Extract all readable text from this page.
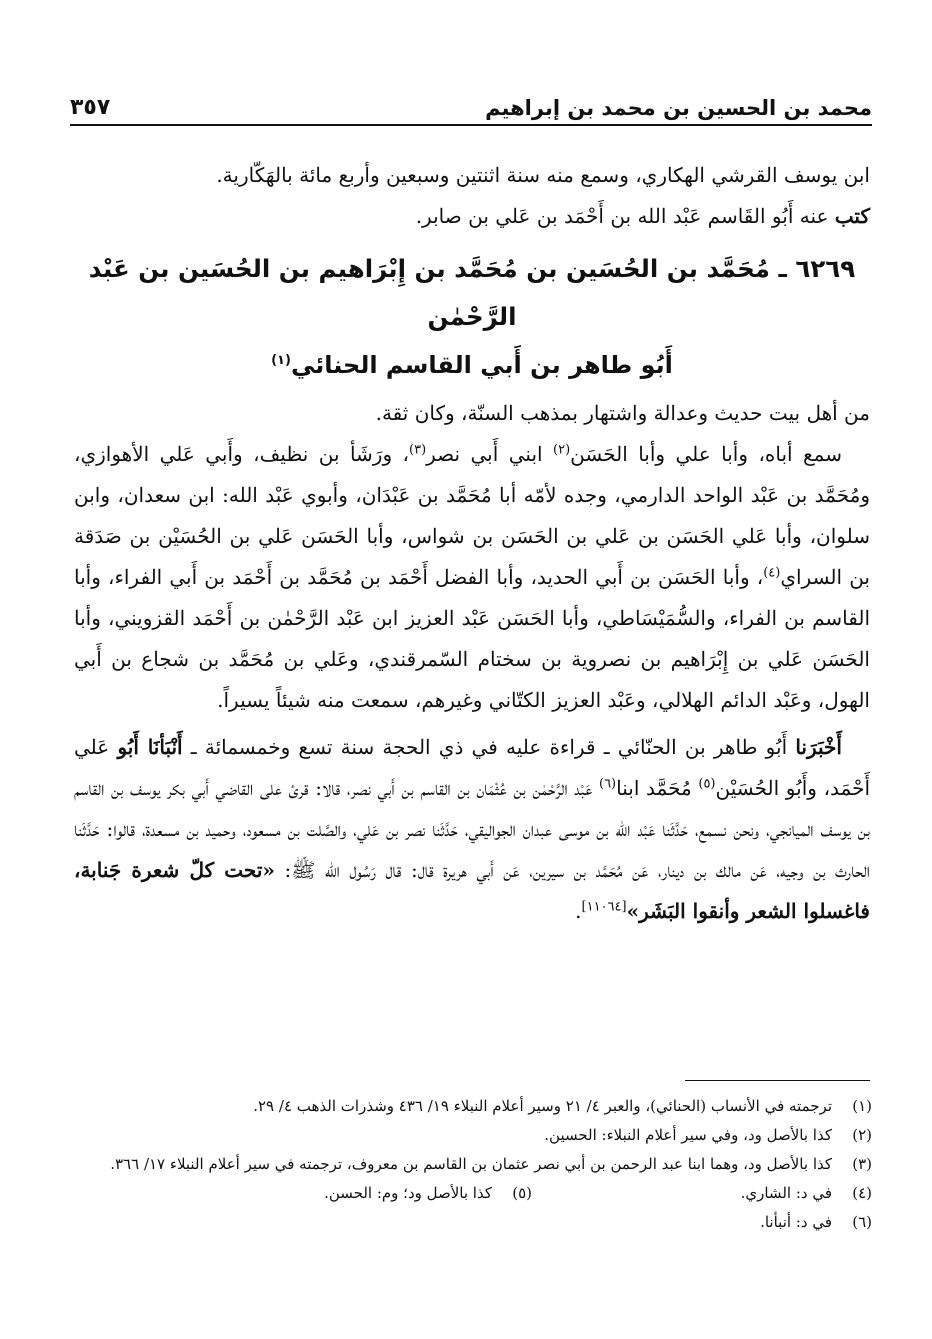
محمد بن الحسين بن محمد بن إبراهيم
٣٥٧

ابن يوسف القرشي الهكاري، وسمع منه سنة اثنتين وسبعين وأربع مائة بالهَكّارية.

كتب عنه أَبُو القَاسم عَبْد الله بن أَحْمَد بن عَلي بن صابر.

٦٢٦٩ ـ مُحَمَّد بن الحُسَين بن مُحَمَّد بن إِبْرَاهيم بن الحُسَين بن عَبْد الرَّحْمٰن
أَبُو طاهر بن أَبي القاسم الحنائي$^{(١)}$

من أهل بيت حديث وعدالة واشتهار بمذهب السنّة، وكان ثقة.

سمع أباه، وأبا علي وأبا الحَسَن$^{(٢)}$ ابني أَبي نصر$^{(٣)}$، ورَشَأ بن نظيف، وأَبي عَلي الأهوازي، ومُحَمَّد بن عَبْد الواحد الدارمي، وجده لأمّه أبا مُحَمَّد بن عَبْدَان، وأبوي عَبْد الله: ابن سعدان، وابن سلوان، وأبا عَلي الحَسَن بن عَلي بن الحَسَن بن شواس، وأبا الحَسَن عَلي بن الحُسَيْن بن صَدَقة بن السراي$^{(٤)}$، وأبا الحَسَن بن أَبي الحديد، وأبا الفضل أَحْمَد بن مُحَمَّد بن أَحْمَد بن أَبي الفراء، وأبا القاسم بن الفراء، والسُّمَيْسَاطي، وأبا الحَسَن عَبْد العزيز ابن عَبْد الرَّحْمٰن بن أَحْمَد القزويني، وأبا الحَسَن عَلي بن إِبْرَاهيم بن نصروية بن سختام السّمرقندي، وعَلي بن مُحَمَّد بن شجاع بن أَبي الهول، وعَبْد الدائم الهلالي، وعَبْد العزيز الكتّاني وغيرهم، سمعت منه شيئاً يسيراً.

أَخْبَرَنا أَبُو طاهر بن الحنّائي ـ قراءة عليه في ذي الحجة سنة تسع وخمسمائة ـ أَنْبَأنَا أَبُو عَلي أَحْمَد، وأَبُو الحُسَيْن$^{(٥)}$ مُحَمَّد ابنا$^{(٦)}$ عَبْد الرَّحْمٰن بن عُثْمَان بن القاسم بن أَبي نصر، قالا: قرئ على القاضي أَبي بكر يوسف بن القاسم بن يوسف الميانجي، ونحن نسمع، حَدَّثَنا عَبْد الله بن موسى عبدان الجواليقي، حَدَّثَنا نصر بن عَلي، والصَّلت بن مسعود، وحميد بن مسعدة، قالوا: حَدَّثَنا الحارث بن وجيه، عَن مالك بن دينار، عَن مُحَمَّد بن سيرين، عَن أَبي هريرة قال: قال رَسُول الله ﷺ: «تحت كلّ شعرة جَنابة، فاغسلوا الشعر وأنقوا البَشَر»[١١٠٦٤].

(١)
ترجمته في الأنساب (الحنائي)، والعبر ٤/ ٢١ وسير أعلام النبلاء ١٩/ ٤٣٦ وشذرات الذهب ٤/ ٢٩.
(٢)
كذا بالأصل ود، وفي سير أعلام النبلاء: الحسين.
(٣)
كذا بالأصل ود، وهما ابنا عبد الرحمن بن أبي نصر عثمان بن القاسم بن معروف، ترجمته في سير أعلام النبلاء ١٧/ ٣٦٦.
(٤)
في د: الشاري.
(٥)
كذا بالأصل ود؛ وم: الحسن.
(٦)
في د: أنبأنا.
